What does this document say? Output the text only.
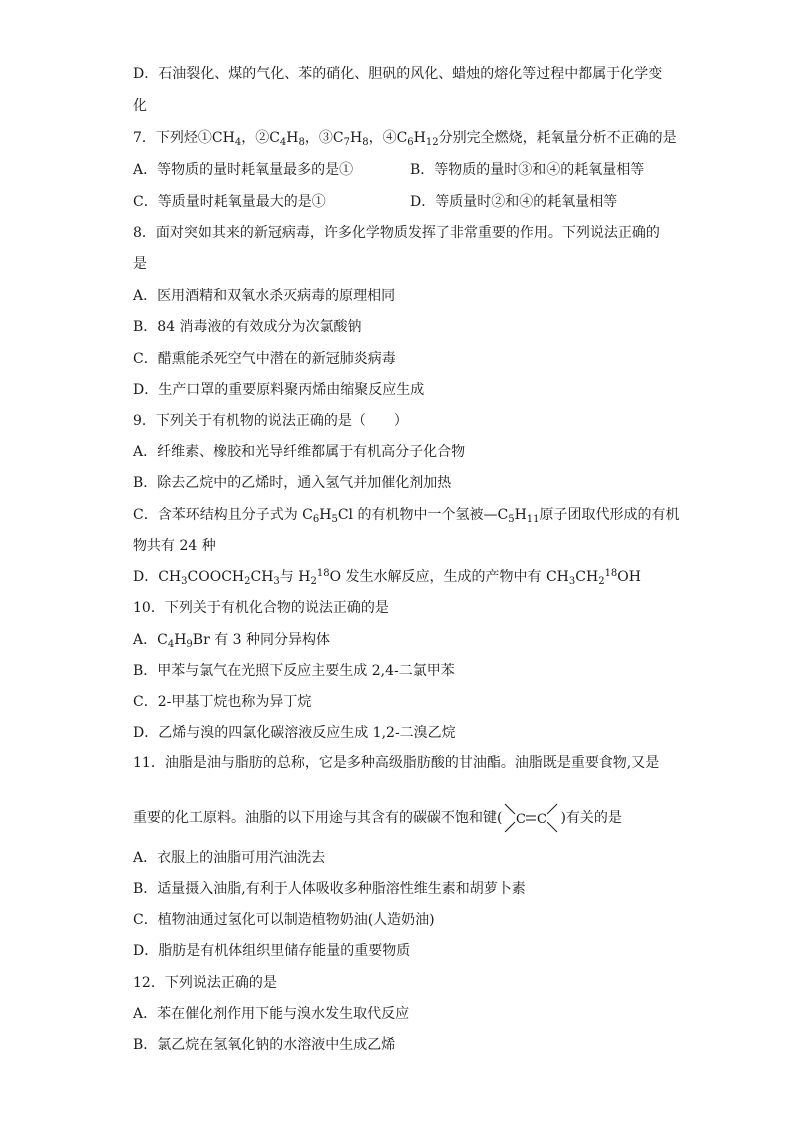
D．石油裂化、煤的气化、苯的硝化、胆矾的风化、蜡烛的熔化等过程中都属于化学变
化
7．下列烃$①CH_4$，$②C_4H_8$，$③C_7H_8$，$④C_6H_{12}$分别完全燃烧，耗氧量分析不正确的是
A．等物质的量时耗氧量最多的是①	B．等物质的量时③和④的耗氧量相等
C．等质量时耗氧量最大的是①	D．等质量时②和④的耗氧量相等
8．面对突如其来的新冠病毒，许多化学物质发挥了非常重要的作用。下列说法正确的
是
A．医用酒精和双氧水杀灭病毒的原理相同
B．84 消毒液的有效成分为次氯酸钠
C．醋熏能杀死空气中潜在的新冠肺炎病毒
D．生产口罩的重要原料聚丙烯由缩聚反应生成
9．下列关于有机物的说法正确的是（　　）
A．纤维素、橡胶和光导纤维都属于有机高分子化合物
B．除去乙烷中的乙烯时，通入氢气并加催化剂加热
C．含苯环结构且分子式为 $C_6H_5Cl$ 的有机物中一个氢被$—C_5H_{11}$原子团取代形成的有机
物共有 24 种
D．$CH_3COOCH_2CH_3$与 $H_2^{18}O$ 发生水解反应，生成的产物中有 $CH_3CH_2^{18}OH$
10．下列关于有机化合物的说法正确的是
A．$C_4H_9Br$ 有 3 种同分异构体
B．甲苯与氯气在光照下反应主要生成 2,4-二氯甲苯
C．2-甲基丁烷也称为异丁烷
D．乙烯与溴的四氯化碳溶液反应生成 1,2-二溴乙烷
11．油脂是油与脂肪的总称，它是多种高级脂肪酸的甘油酯。油脂既是重要食物,又是
重要的化工原料。油脂的以下用途与其含有的碳碳不饱和键( C C )有关的是
A．衣服上的油脂可用汽油洗去
B．适量摄入油脂,有利于人体吸收多种脂溶性维生素和胡萝卜素
C．植物油通过氢化可以制造植物奶油(人造奶油)
D．脂肪是有机体组织里储存能量的重要物质
12．下列说法正确的是
A．苯在催化剂作用下能与溴水发生取代反应
B．氯乙烷在氢氧化钠的水溶液中生成乙烯
